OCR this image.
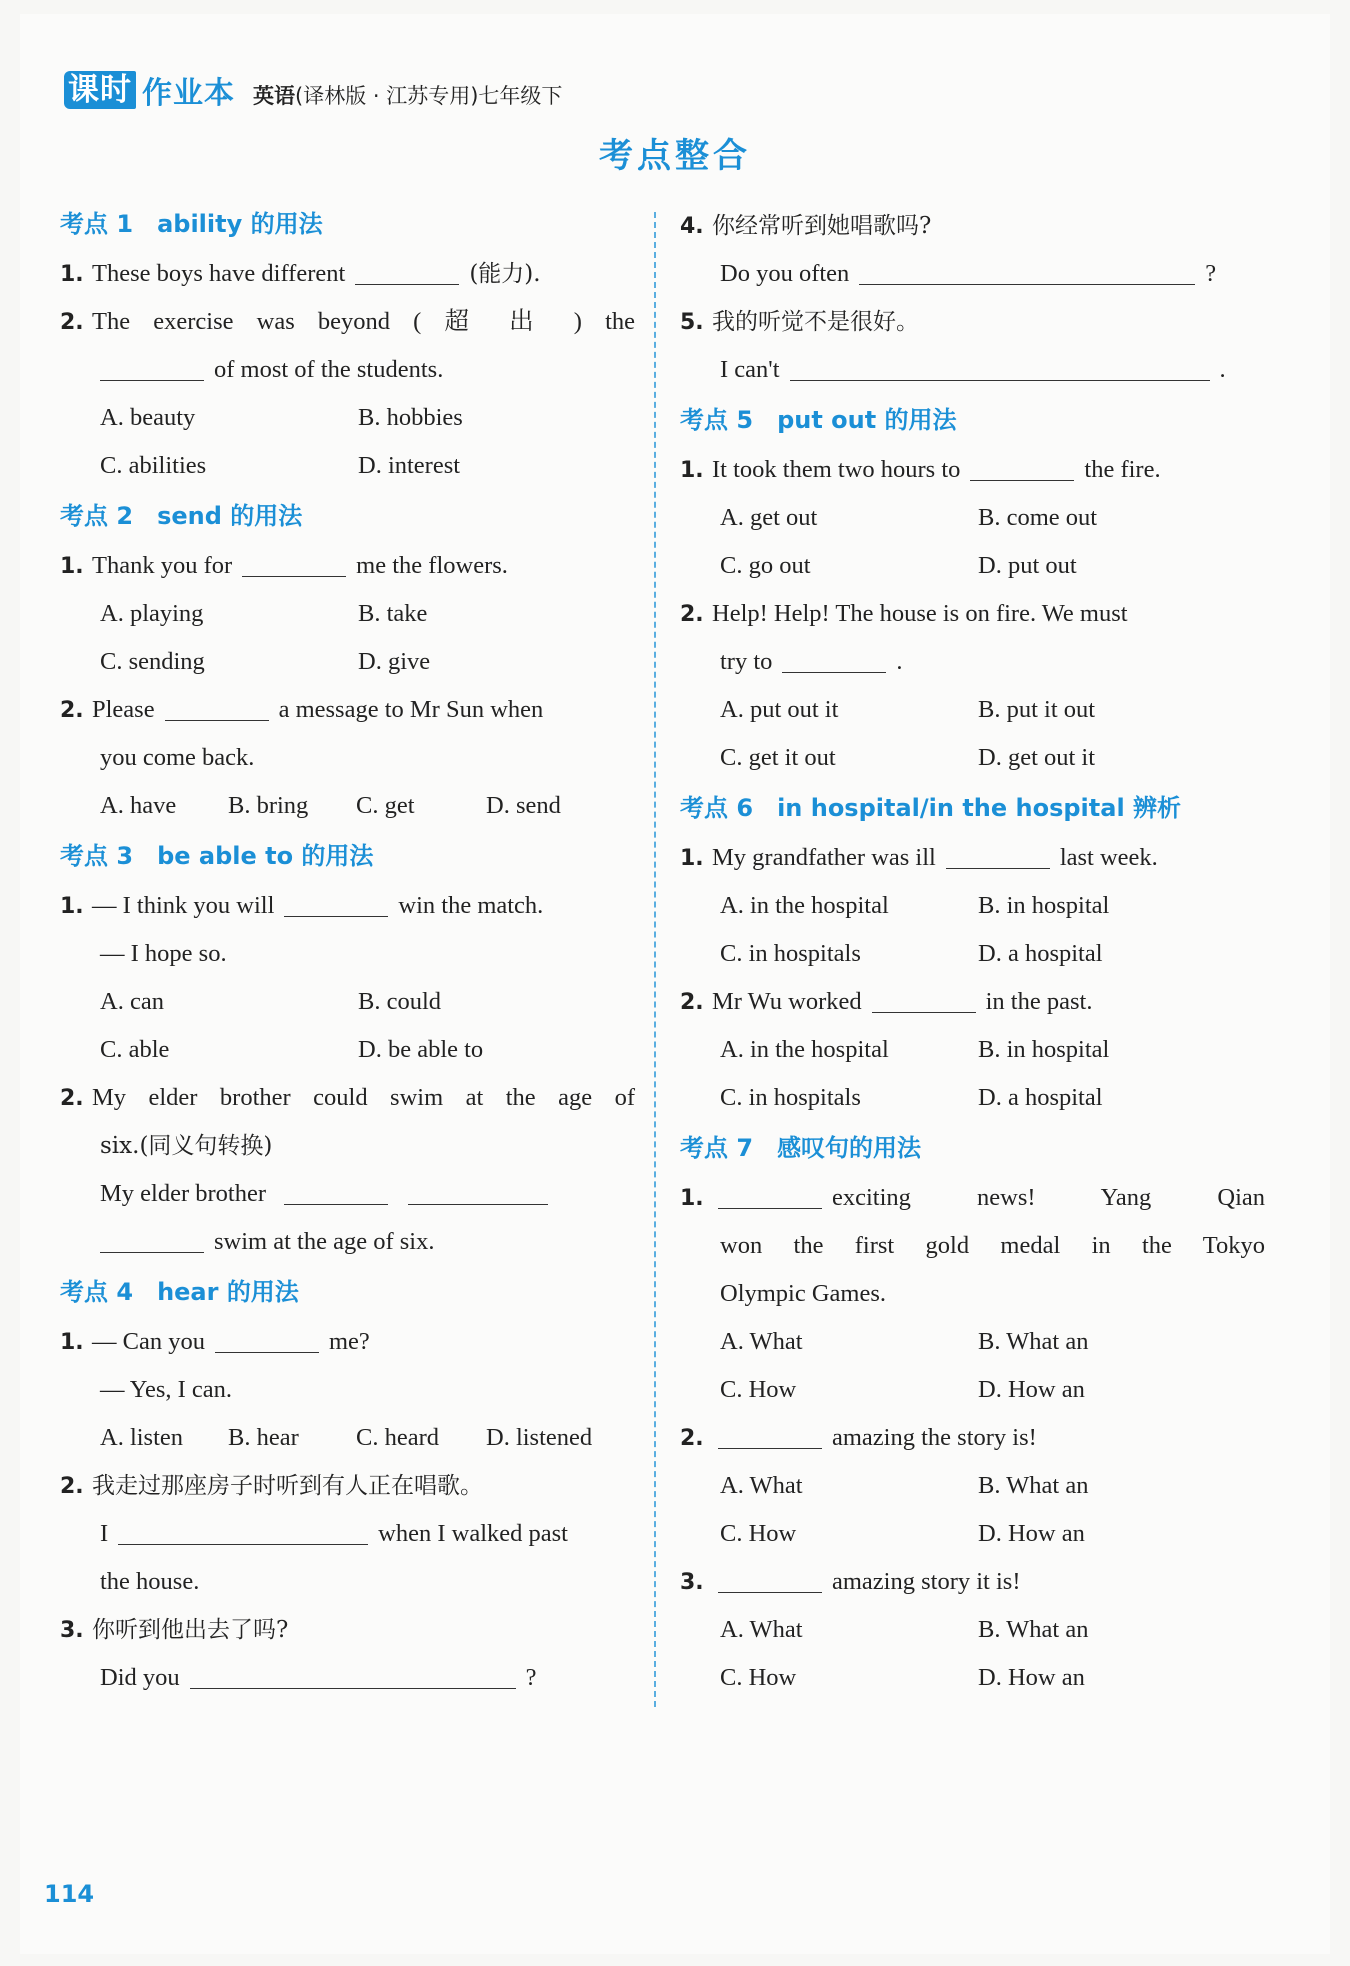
课时 作业本 英语(译林版 · 江苏专用)七年级下
考点整合
考点 1 ability 的用法
1. These boys have different	(能力).
2. The exercise was beyond ( 超 出 ) the
of most of the students.
A. beauty	B. hobbies
C. abilities	D. interest
考点 2 send 的用法
1. Thank you for	me the flowers.
A. playing	B. take
C. sending	D. give
2. Please	a message to Mr Sun when
you come back.
A. have	B. bring	C. get	D. send
考点 3 be able to 的用法
1. — I think you will	win the match.
— I hope so.
A. can	B. could
C. able	D. be able to
2. My elder brother could swim at the age of
six.(同义句转换)
My elder brother
swim at the age of six.
考点 4 hear 的用法
1. — Can you	me?
— Yes, I can.
A. listen	B. hear	C. heard	D. listened
2. 我走过那座房子时听到有人正在唱歌。
I	when I walked past
the house.
3. 你听到他出去了吗?
Did you	?
4. 你经常听到她唱歌吗?
Do you often	?
5. 我的听觉不是很好。
I can't	.
考点 5 put out 的用法
1. It took them two hours to	the fire.
A. get out	B. come out
C. go out	D. put out
2. Help! Help! The house is on fire. We must
try to	.
A. put out it	B. put it out
C. get it out	D. get out it
考点 6 in hospital/in the hospital 辨析
1. My grandfather was ill	last week.
A. in the hospital	B. in hospital
C. in hospitals	D. a hospital
2. Mr Wu worked	in the past.
A. in the hospital	B. in hospital
C. in hospitals	D. a hospital
考点 7 感叹句的用法
1.	exciting news! Yang Qian
won the first gold medal in the Tokyo
Olympic Games.
A. What	B. What an
C. How	D. How an
2.	amazing the story is!
A. What	B. What an
C. How	D. How an
3.	amazing story it is!
A. What	B. What an
C. How	D. How an
114
